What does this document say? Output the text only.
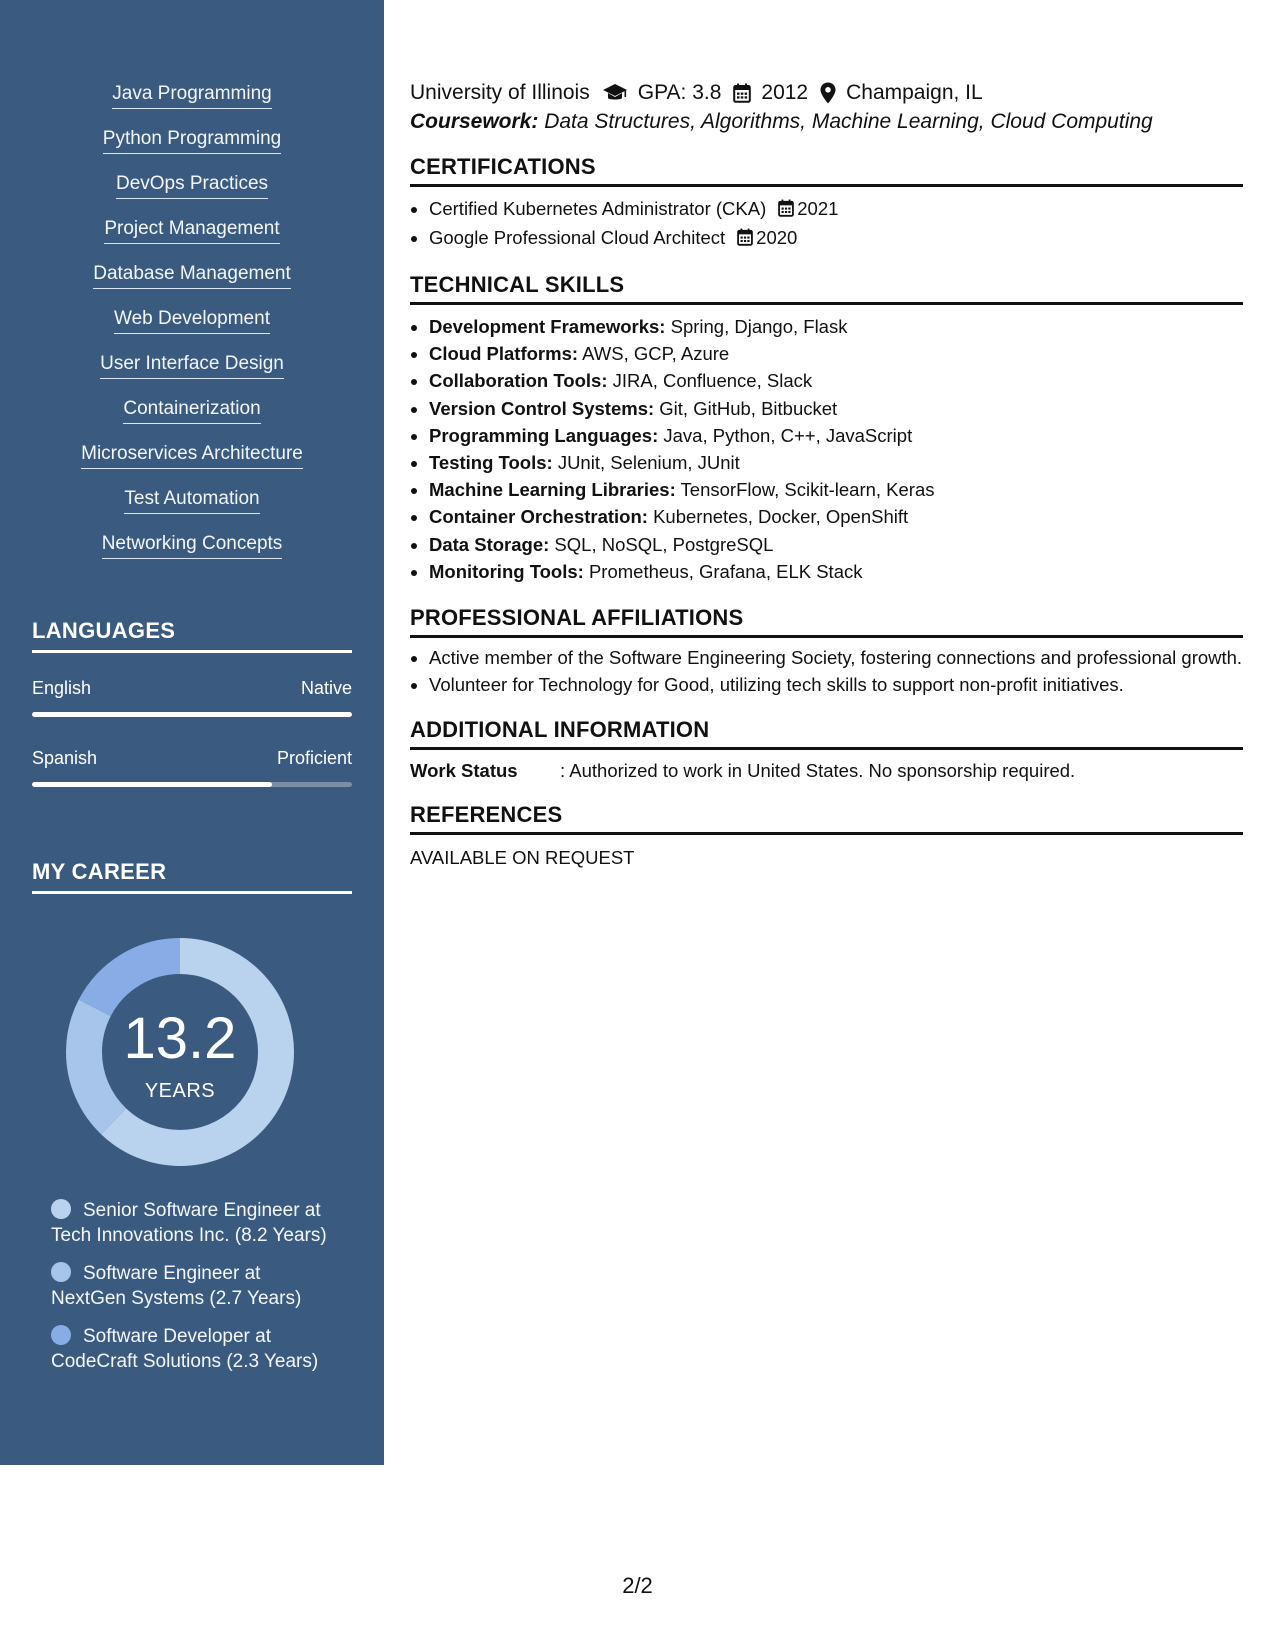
Java Programming
Python Programming
DevOps Practices
Project Management
Database Management
Web Development
User Interface Design
Containerization
Microservices Architecture
Test Automation
Networking Concepts
LANGUAGES
English	Native
Spanish	Proficient
MY CAREER
13.2
YEARS
Senior Software Engineer at
Tech Innovations Inc. (8.2 Years)
Software Engineer at
NextGen Systems (2.7 Years)
Software Developer at
CodeCraft Solutions (2.3 Years)
University of Illinois GPA: 3.8 2012 Champaign, IL
Coursework: Data Structures, Algorithms, Machine Learning, Cloud Computing
CERTIFICATIONS
• Certified Kubernetes Administrator (CKA) 2021
• Google Professional Cloud Architect 2020
TECHNICAL SKILLS
• Development Frameworks: Spring, Django, Flask
• Cloud Platforms: AWS, GCP, Azure
• Collaboration Tools: JIRA, Confluence, Slack
• Version Control Systems: Git, GitHub, Bitbucket
• Programming Languages: Java, Python, C++, JavaScript
• Testing Tools: JUnit, Selenium, JUnit
• Machine Learning Libraries: TensorFlow, Scikit-learn, Keras
• Container Orchestration: Kubernetes, Docker, OpenShift
• Data Storage: SQL, NoSQL, PostgreSQL
• Monitoring Tools: Prometheus, Grafana, ELK Stack
PROFESSIONAL AFFILIATIONS
• Active member of the Software Engineering Society, fostering connections and professional growth.
• Volunteer for Technology for Good, utilizing tech skills to support non-profit initiatives.
ADDITIONAL INFORMATION
Work Status	: Authorized to work in United States. No sponsorship required.
REFERENCES
AVAILABLE ON REQUEST
2/2
